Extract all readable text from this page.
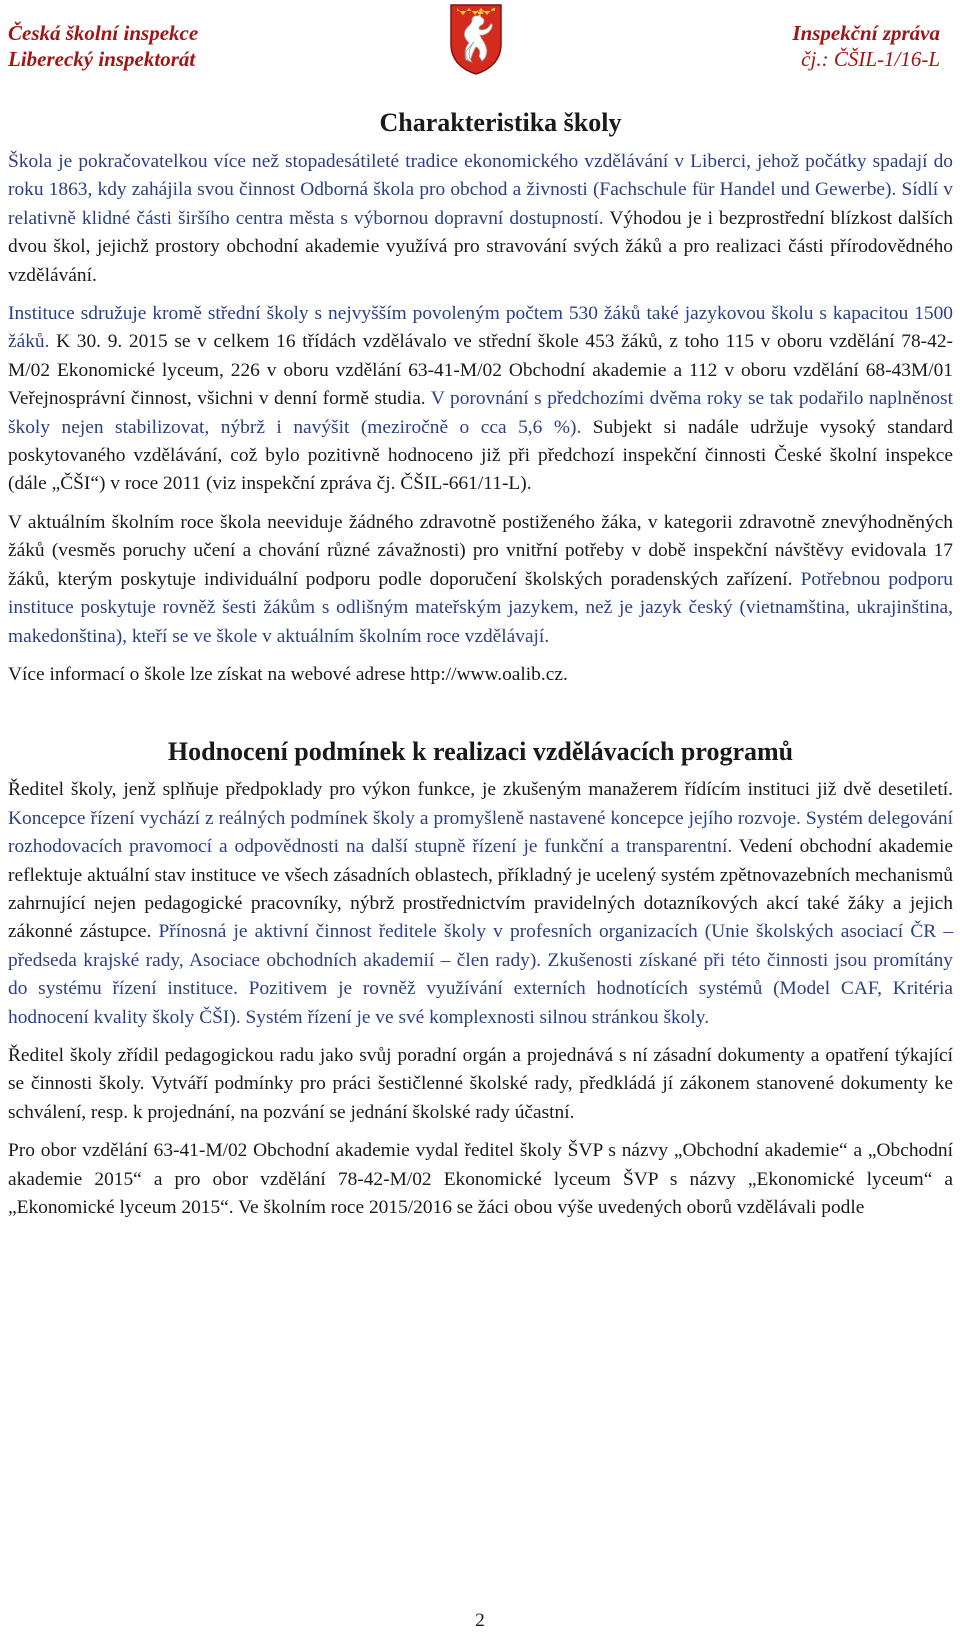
Česká školní inspekce
Liberecký inspektorát
Inspekční zpráva
čj.: ČŠIL-1/16-L
Charakteristika školy

Škola je pokračovatelkou více než stopadesátileté tradice ekonomického vzdělávání v Liberci, jehož počátky spadají do roku 1863, kdy zahájila svou činnost Odborná škola pro obchod a živnosti (Fachschule für Handel und Gewerbe). Sídlí v relativně klidné části širšího centra města s výbornou dopravní dostupností. Výhodou je i bezprostřední blízkost dalších dvou škol, jejichž prostory obchodní akademie využívá pro stravování svých žáků a pro realizaci části přírodovědného vzdělávání.

Instituce sdružuje kromě střední školy s nejvyšším povoleným počtem 530 žáků také jazykovou školu s kapacitou 1500 žáků. K 30. 9. 2015 se v celkem 16 třídách vzdělávalo ve střední škole 453 žáků, z toho 115 v oboru vzdělání 78-42-M/02 Ekonomické lyceum, 226 v oboru vzdělání 63-41-M/02 Obchodní akademie a 112 v oboru vzdělání 68-43M/01 Veřejnosprávní činnost, všichni v denní formě studia. V porovnání s předchozími dvěma roky se tak podařilo naplněnost školy nejen stabilizovat, nýbrž i navýšit (meziročně o cca 5,6 %). Subjekt si nadále udržuje vysoký standard poskytovaného vzdělávání, což bylo pozitivně hodnoceno již při předchozí inspekční činnosti České školní inspekce (dále „ČŠI“) v roce 2011 (viz inspekční zpráva čj. ČŠIL-661/11-L).

V aktuálním školním roce škola neeviduje žádného zdravotně postiženého žáka, v kategorii zdravotně znevýhodněných žáků (vesměs poruchy učení a chování různé závažnosti) pro vnitřní potřeby v době inspekční návštěvy evidovala 17 žáků, kterým poskytuje individuální podporu podle doporučení školských poradenských zařízení. Potřebnou podporu instituce poskytuje rovněž šesti žákům s odlišným mateřským jazykem, než je jazyk český (vietnamština, ukrajinština, makedonština), kteří se ve škole v aktuálním školním roce vzdělávají.

Více informací o škole lze získat na webové adrese http://www.oalib.cz.

Hodnocení podmínek k realizaci vzdělávacích programů

Ředitel školy, jenž splňuje předpoklady pro výkon funkce, je zkušeným manažerem řídícím instituci již dvě desetiletí. Koncepce řízení vychází z reálných podmínek školy a promyšleně nastavené koncepce jejího rozvoje. Systém delegování rozhodovacích pravomocí a odpovědnosti na další stupně řízení je funkční a transparentní. Vedení obchodní akademie reflektuje aktuální stav instituce ve všech zásadních oblastech, příkladný je ucelený systém zpětnovazebních mechanismů zahrnující nejen pedagogické pracovníky, nýbrž prostřednictvím pravidelných dotazníkových akcí také žáky a jejich zákonné zástupce. Přínosná je aktivní činnost ředitele školy v profesních organizacích (Unie školských asociací ČR – předseda krajské rady, Asociace obchodních akademií – člen rady). Zkušenosti získané při této činnosti jsou promítány do systému řízení instituce. Pozitivem je rovněž využívání externích hodnotících systémů (Model CAF, Kritéria hodnocení kvality školy ČŠI). Systém řízení je ve své komplexnosti silnou stránkou školy.

Ředitel školy zřídil pedagogickou radu jako svůj poradní orgán a projednává s ní zásadní dokumenty a opatření týkající se činnosti školy. Vytváří podmínky pro práci šestičlenné školské rady, předkládá jí zákonem stanovené dokumenty ke schválení, resp. k projednání, na pozvání se jednání školské rady účastní.

Pro obor vzdělání 63-41-M/02 Obchodní akademie vydal ředitel školy ŠVP s názvy „Obchodní akademie“ a „Obchodní akademie 2015“ a pro obor vzdělání 78-42-M/02 Ekonomické lyceum ŠVP s názvy „Ekonomické lyceum“ a „Ekonomické lyceum 2015“. Ve školním roce 2015/2016 se žáci obou výše uvedených oborů vzdělávali podle

2
